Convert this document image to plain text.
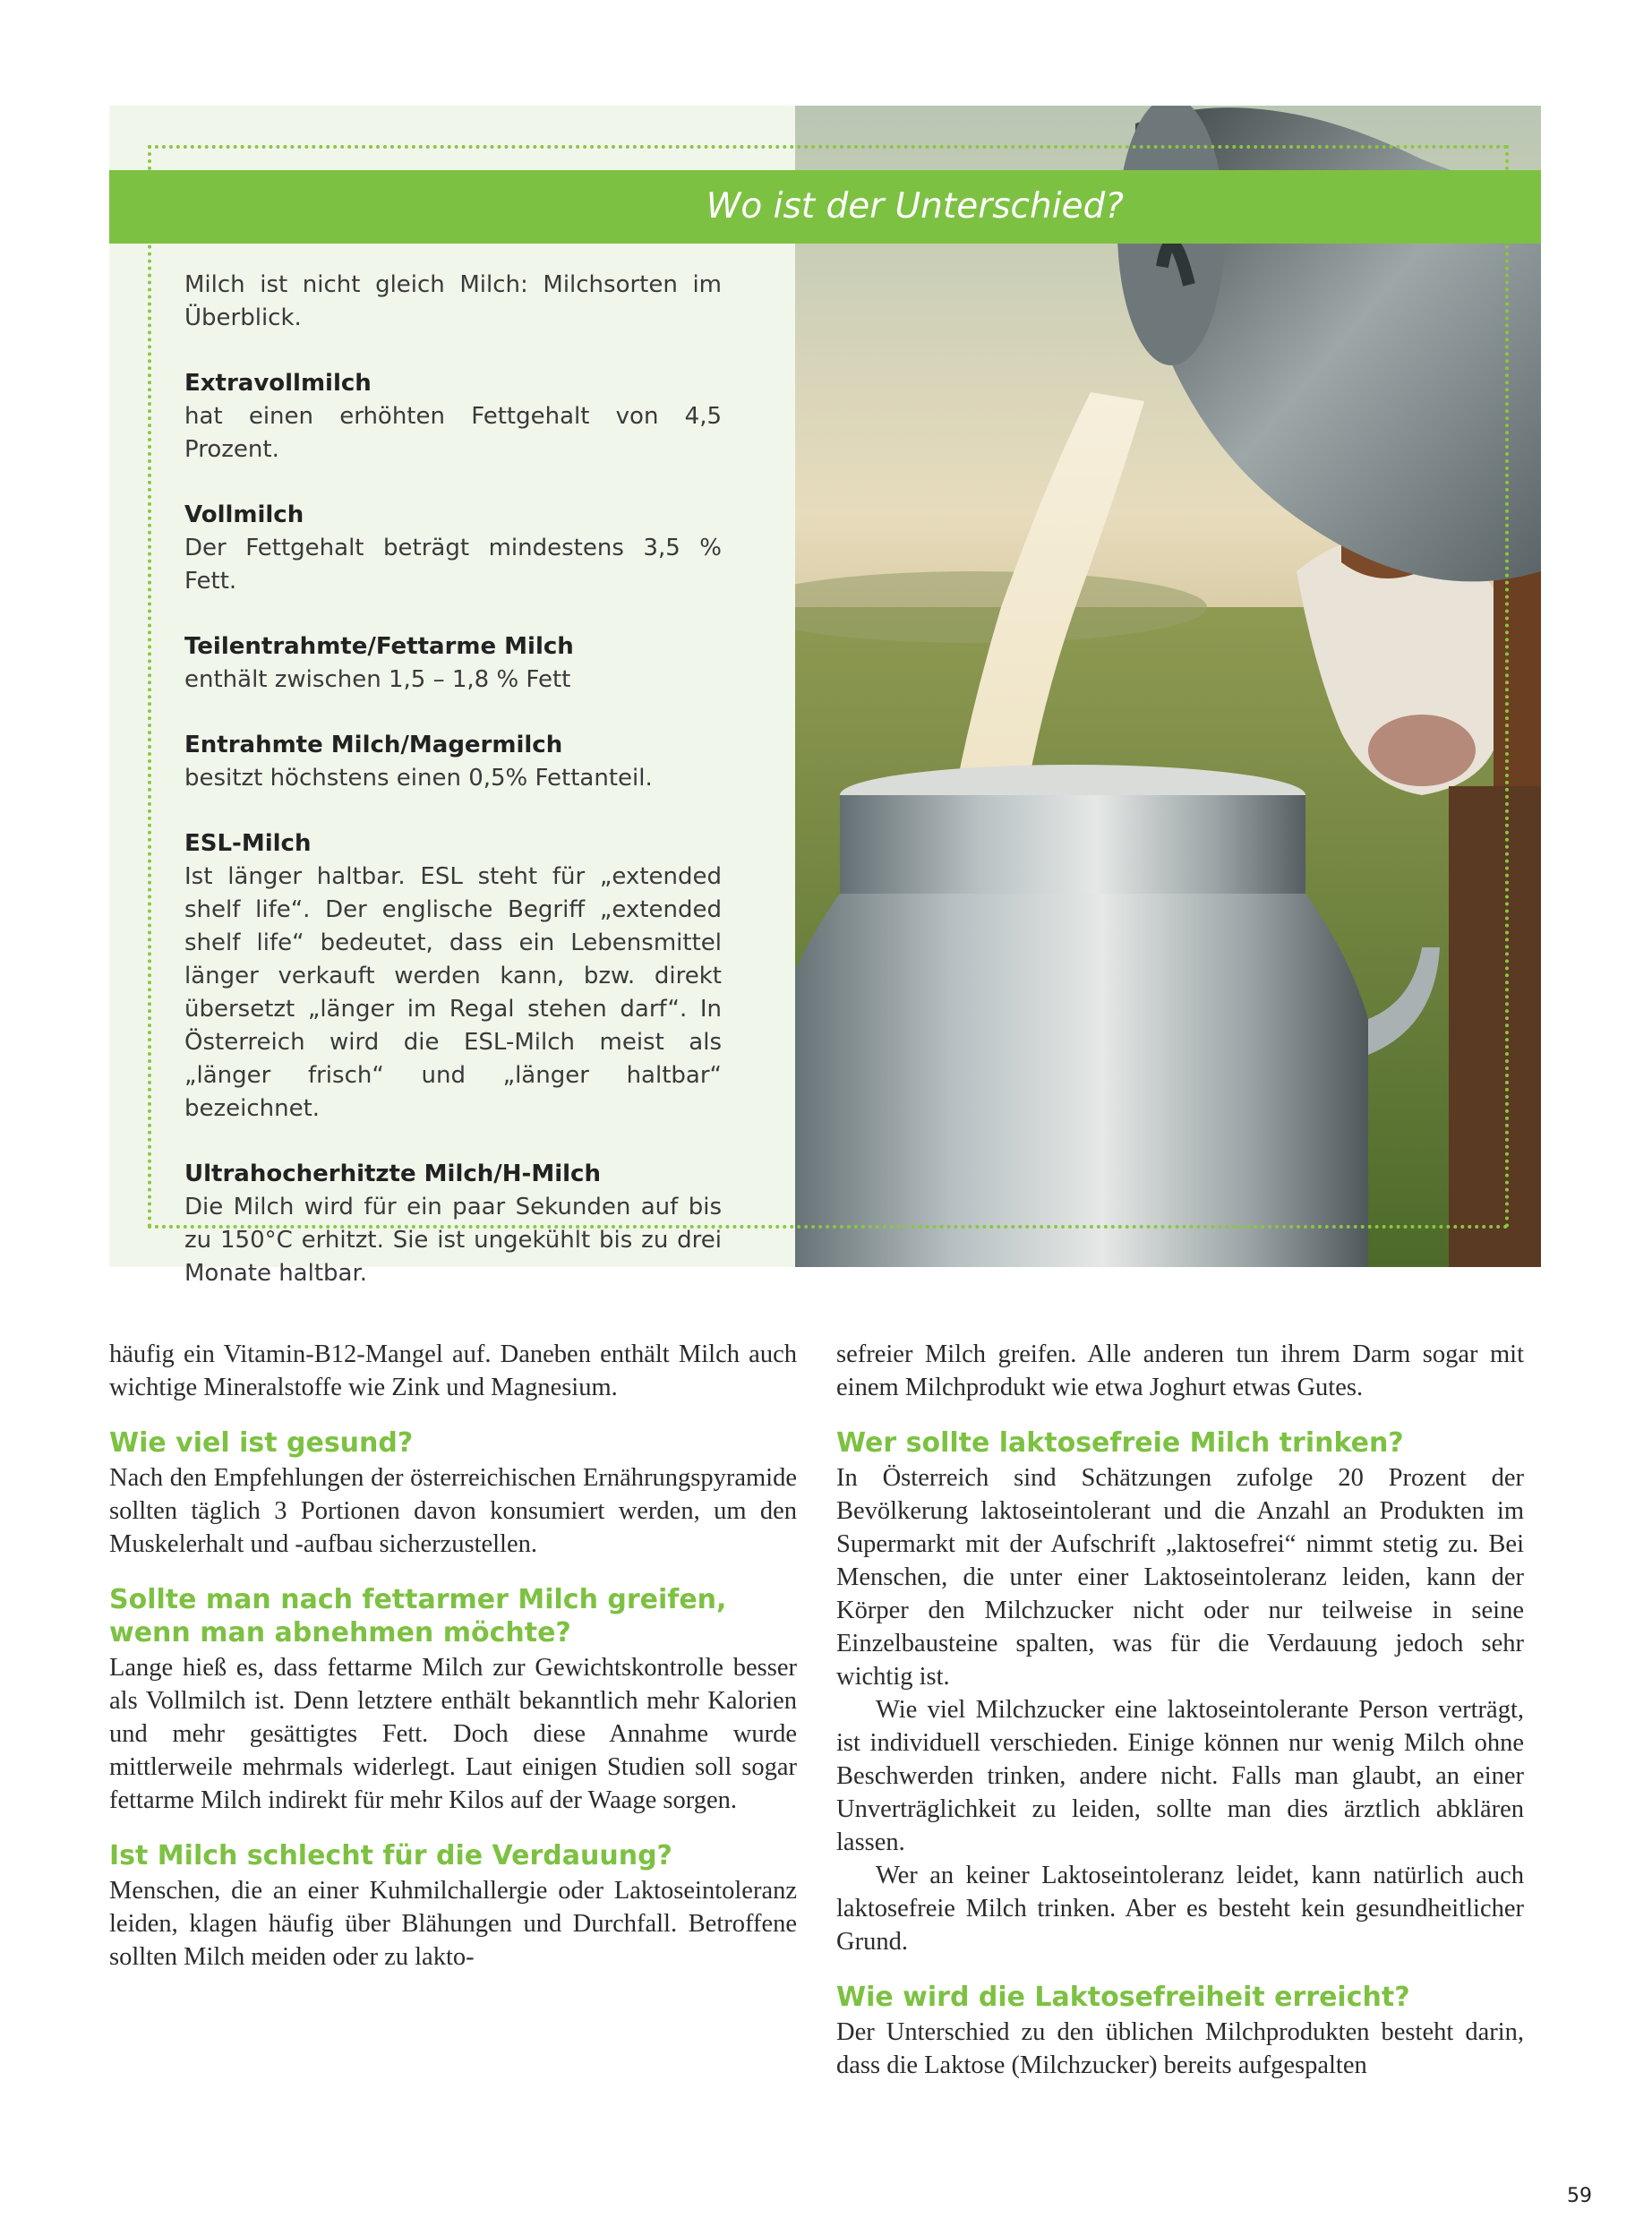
Wo ist der Unterschied?

Milch ist nicht gleich Milch: Milchsorten im Überblick.

Extravollmilch
hat einen erhöhten Fettgehalt von 4,5 Prozent.

Vollmilch
Der Fettgehalt beträgt mindestens 3,5 % Fett.

Teilentrahmte/Fettarme Milch
enthält zwischen 1,5 – 1,8 % Fett

Entrahmte Milch/Magermilch
besitzt höchstens einen 0,5% Fettanteil.

ESL-Milch
Ist länger haltbar. ESL steht für „extended shelf life“. Der englische Begriff „extended shelf life“ bedeutet, dass ein Lebensmittel länger verkauft werden kann, bzw. direkt übersetzt „länger im Regal stehen darf“. In Österreich wird die ESL-Milch meist als „länger frisch“ und „länger haltbar“ bezeichnet.

Ultrahocherhitzte Milch/H-Milch
Die Milch wird für ein paar Sekunden auf bis zu 150°C erhitzt. Sie ist ungekühlt bis zu drei Monate haltbar.

häufig ein Vitamin-B12-Mangel auf. Daneben enthält Milch auch wichtige Mineralstoffe wie Zink und Magnesium.

Wie viel ist gesund?

Nach den Empfehlungen der österreichischen Ernährungspyramide sollten täglich 3 Portionen davon konsumiert werden, um den Muskelerhalt und -aufbau sicherzustellen.

Sollte man nach fettarmer Milch greifen, wenn man abnehmen möchte?

Lange hieß es, dass fettarme Milch zur Gewichtskontrolle besser als Vollmilch ist. Denn letztere enthält bekanntlich mehr Kalorien und mehr gesättigtes Fett. Doch diese Annahme wurde mittlerweile mehrmals widerlegt. Laut einigen Studien soll sogar fettarme Milch indirekt für mehr Kilos auf der Waage sorgen.

Ist Milch schlecht für die Verdauung?

Menschen, die an einer Kuhmilchallergie oder Laktoseintoleranz leiden, klagen häufig über Blähungen und Durchfall. Betroffene sollten Milch meiden oder zu lakto-

sefreier Milch greifen. Alle anderen tun ihrem Darm sogar mit einem Milchprodukt wie etwa Joghurt etwas Gutes.

Wer sollte laktosefreie Milch trinken?

In Österreich sind Schätzungen zufolge 20 Prozent der Bevölkerung laktoseintolerant und die Anzahl an Produkten im Supermarkt mit der Aufschrift „laktosefrei“ nimmt stetig zu. Bei Menschen, die unter einer Laktoseintoleranz leiden, kann der Körper den Milchzucker nicht oder nur teilweise in seine Einzelbausteine spalten, was für die Verdauung jedoch sehr wichtig ist.

Wie viel Milchzucker eine laktoseintolerante Person verträgt, ist individuell verschieden. Einige können nur wenig Milch ohne Beschwerden trinken, andere nicht. Falls man glaubt, an einer Unverträglichkeit zu leiden, sollte man dies ärztlich abklären lassen.

Wer an keiner Laktoseintoleranz leidet, kann natürlich auch laktosefreie Milch trinken. Aber es besteht kein gesundheitlicher Grund.

Wie wird die Laktosefreiheit erreicht?

Der Unterschied zu den üblichen Milchprodukten besteht darin, dass die Laktose (Milchzucker) bereits aufgespalten

59
